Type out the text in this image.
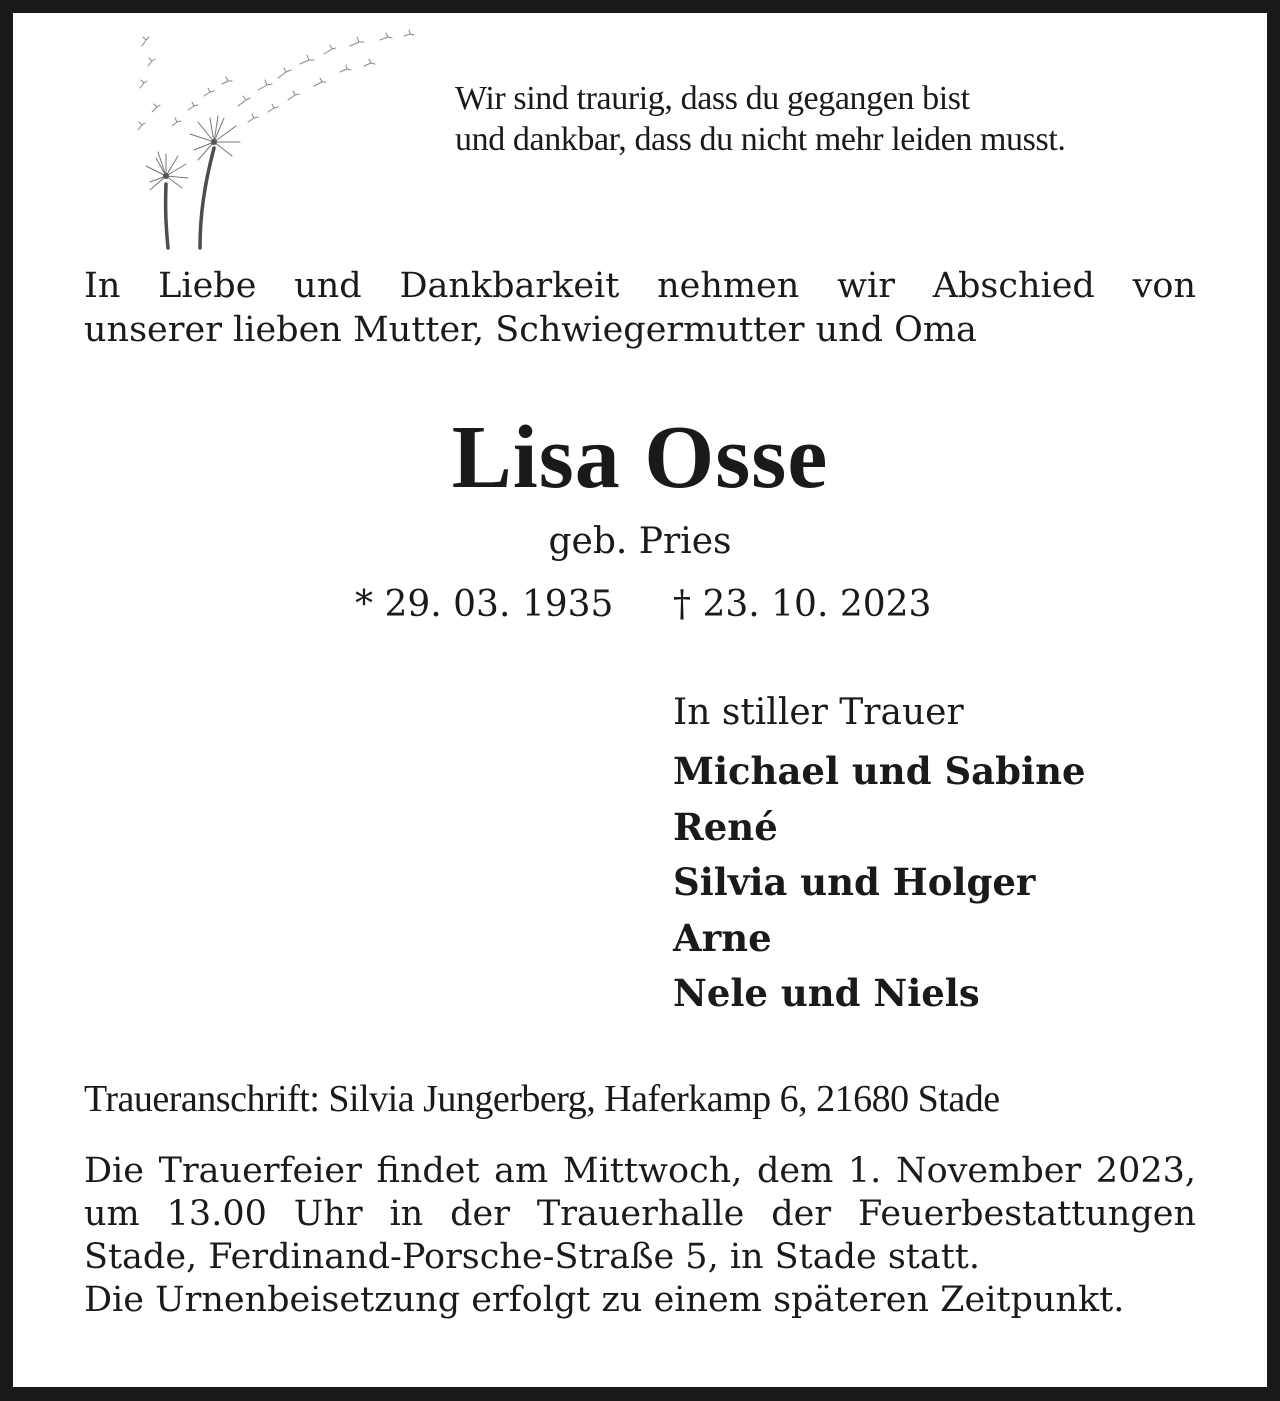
Wir sind traurig, dass du gegangen bist
und dankbar, dass du nicht mehr leiden musst.
In Liebe und Dankbarkeit nehmen wir Abschied von
unserer lieben Mutter, Schwiegermutter und Oma
Lisa Osse
geb. Pries
* 29. 03. 1935 † 23. 10. 2023
In stiller Trauer
Michael und Sabine
René
Silvia und Holger
Arne
Nele und Niels
Traueranschrift: Silvia Jungerberg, Haferkamp 6, 21680 Stade
Die Trauerfeier findet am Mittwoch, dem 1. November 2023,
um 13.00 Uhr in der Trauerhalle der Feuerbestattungen
Stade, Ferdinand-Porsche-Straße 5, in Stade statt.
Die Urnenbeisetzung erfolgt zu einem späteren Zeitpunkt.
